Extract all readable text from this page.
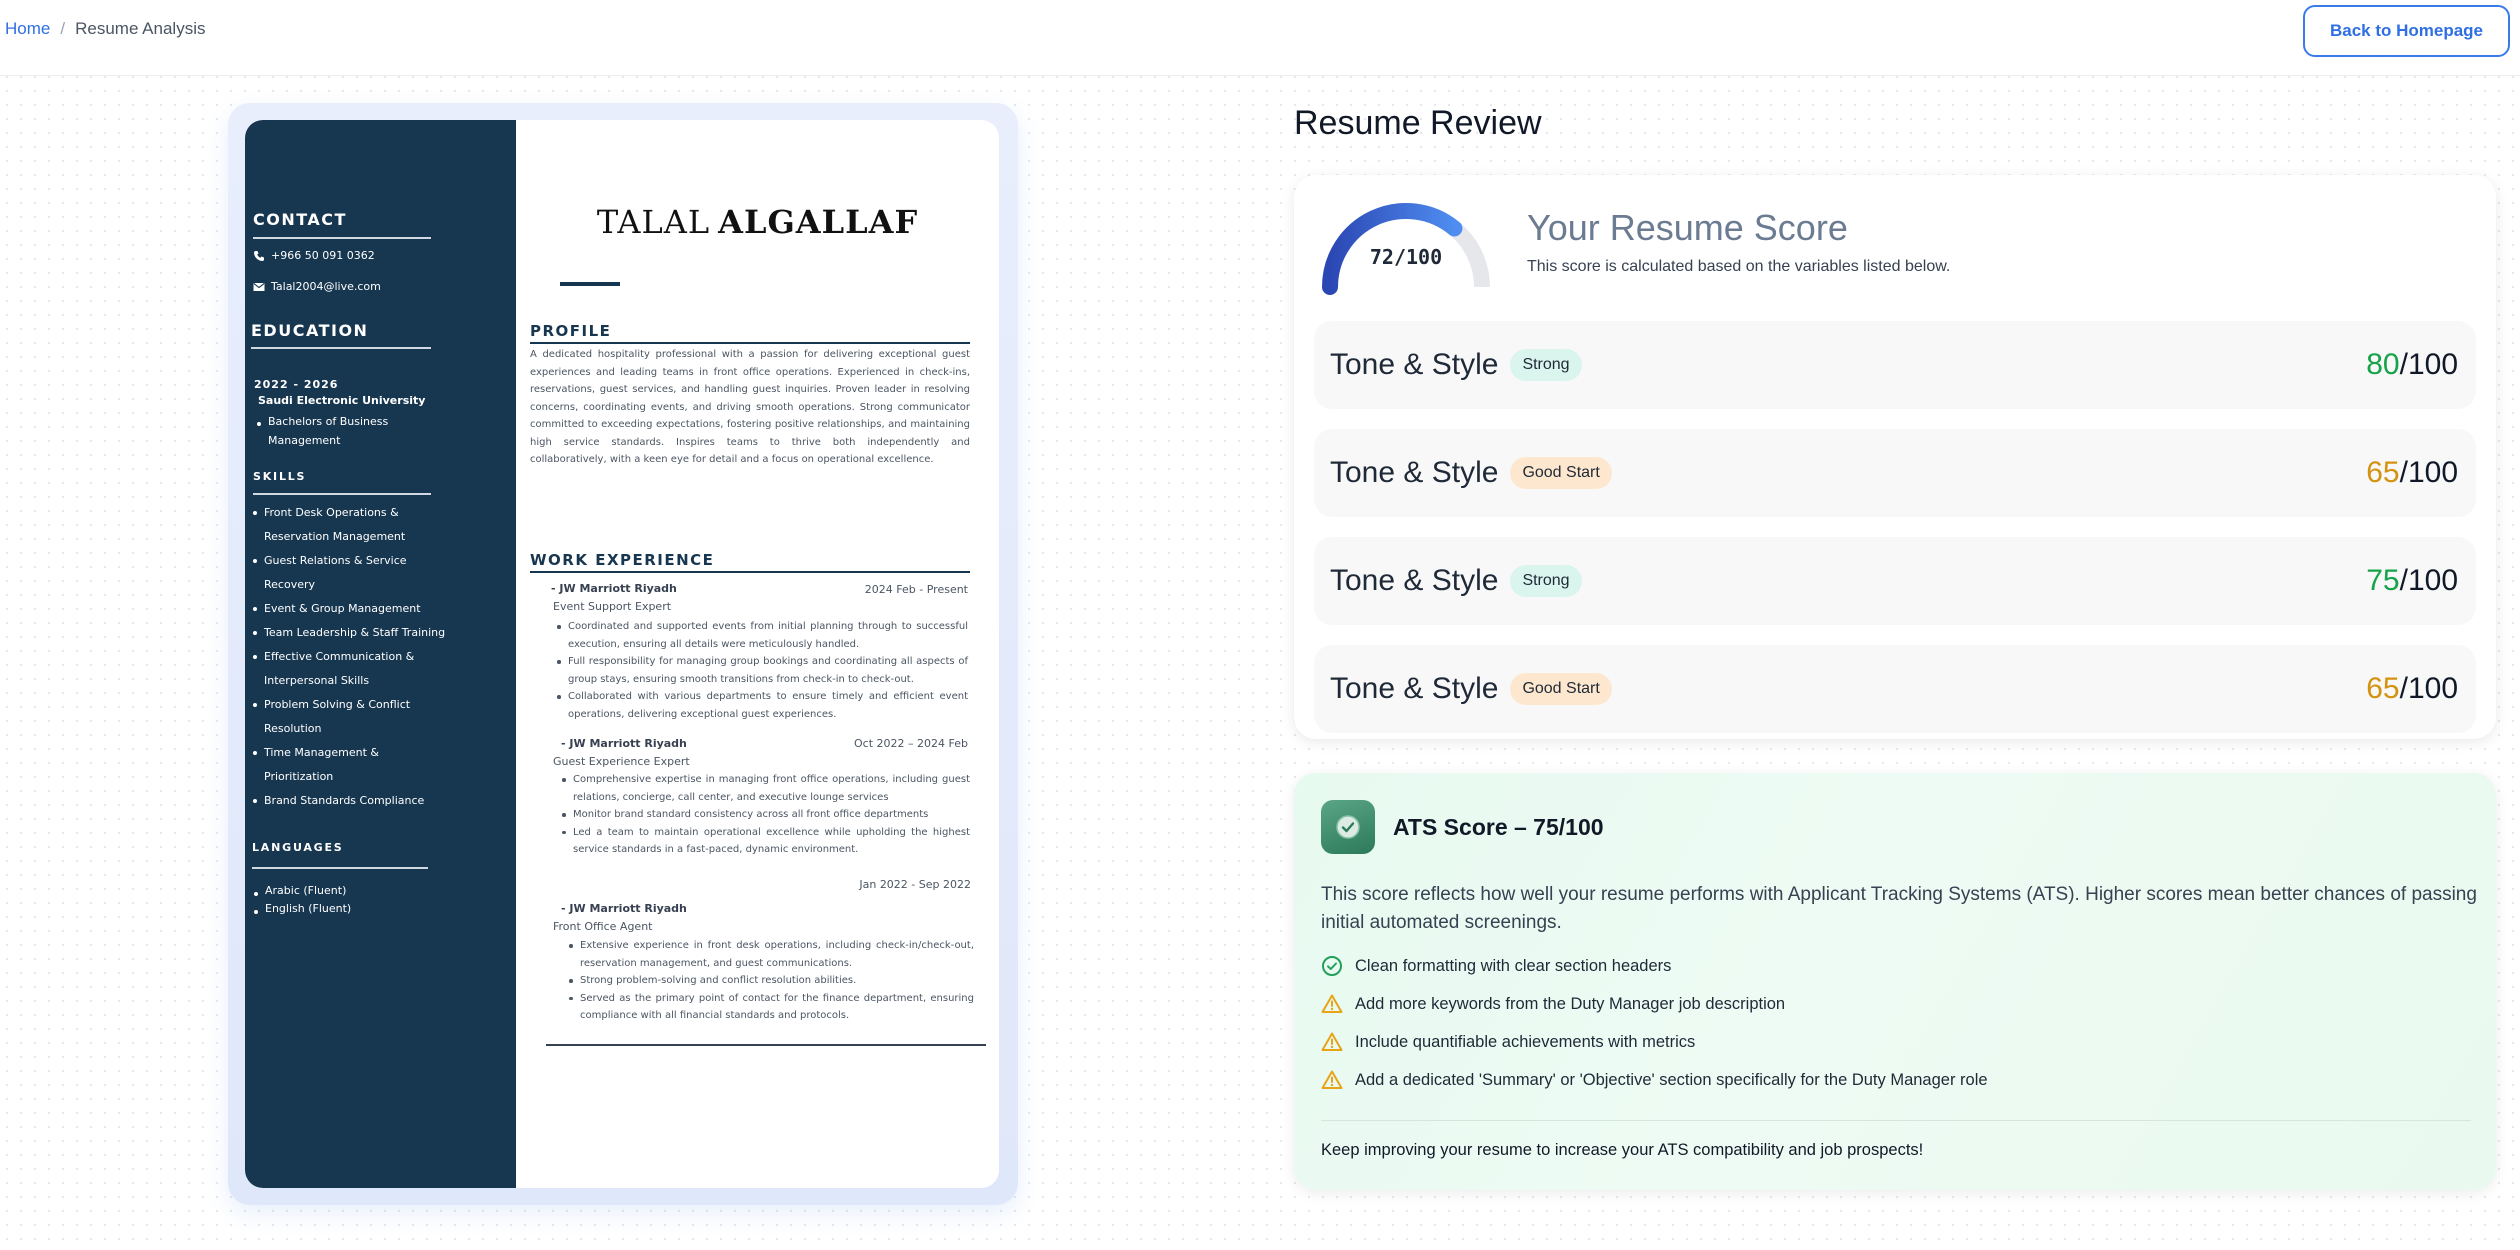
Home / Resume Analysis	Back to Homepage
CONTACT
+966 50 091 0362
Talal2004@live.com
EDUCATION
2022 - 2026
Saudi Electronic University
Bachelors of Business
Management
SKILLS
Front Desk Operations &
Reservation Management
Guest Relations & Service
Recovery
Event & Group Management
Team Leadership & Staff Training
Effective Communication &
Interpersonal Skills
Problem Solving & Conflict
Resolution
Time Management &
Prioritization
Brand Standards Compliance
LANGUAGES
Arabic (Fluent)
English (Fluent)
TALAL ALGALLAF
PROFILE
A dedicated hospitality professional with a passion for delivering exceptional guest experiences and leading teams in front office operations. Experienced in check-ins, reservations, guest services, and handling guest inquiries. Proven leader in resolving concerns, coordinating events, and driving smooth operations. Strong communicator committed to exceeding expectations, fostering positive relationships, and maintaining high service standards. Inspires teams to thrive both independently and collaboratively, with a keen eye for detail and a focus on operational excellence.
WORK EXPERIENCE
- JW Marriott Riyadh	2024 Feb - Present
Event Support Expert
Coordinated and supported events from initial planning through to successful execution, ensuring all details were meticulously handled.
Full responsibility for managing group bookings and coordinating all aspects of group stays, ensuring smooth transitions from check-in to check-out.
Collaborated with various departments to ensure timely and efficient event operations, delivering exceptional guest experiences.
- JW Marriott Riyadh	Oct 2022 – 2024 Feb
Guest Experience Expert
Comprehensive expertise in managing front office operations, including guest relations, concierge, call center, and executive lounge services
Monitor brand standard consistency across all front office departments
Led a team to maintain operational excellence while upholding the highest service standards in a fast-paced, dynamic environment.
Jan 2022 - Sep 2022
- JW Marriott Riyadh
Front Office Agent
Extensive experience in front desk operations, including check-in/check-out, reservation management, and guest communications.
Strong problem-solving and conflict resolution abilities.
Served as the primary point of contact for the finance department, ensuring compliance with all financial standards and protocols.
Resume Review
72/100
Your Resume Score
This score is calculated based on the variables listed below.
Tone & Style	Strong	80/100
Tone & Style	Good Start	65/100
Tone & Style	Strong	75/100
Tone & Style	Good Start	65/100
ATS Score – 75/100
This score reflects how well your resume performs with Applicant Tracking Systems (ATS). Higher scores mean better chances of passing initial automated screenings.
Clean formatting with clear section headers
Add more keywords from the Duty Manager job description
Include quantifiable achievements with metrics
Add a dedicated 'Summary' or 'Objective' section specifically for the Duty Manager role
Keep improving your resume to increase your ATS compatibility and job prospects!
